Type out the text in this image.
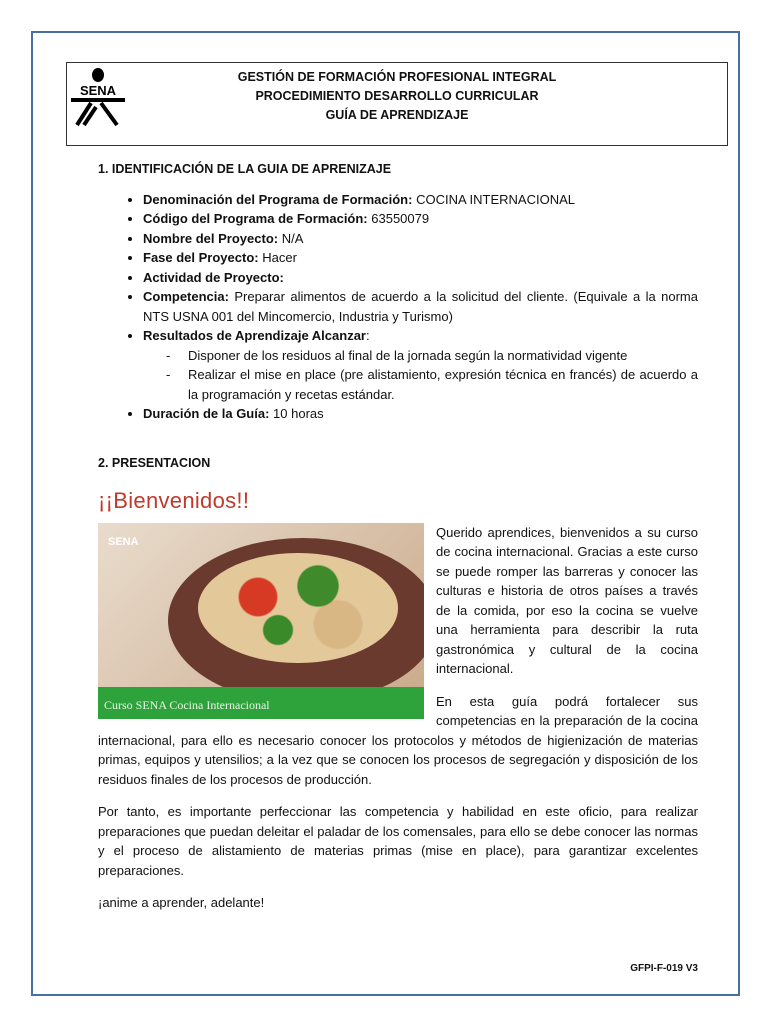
SENA
GESTIÓN DE FORMACIÓN PROFESIONAL INTEGRAL
PROCEDIMIENTO DESARROLLO CURRICULAR
GUÍA DE APRENDIZAJE
1. IDENTIFICACIÓN DE LA GUIA DE APRENIZAJE
• Denominación del Programa de Formación: COCINA INTERNACIONAL
• Código del Programa de Formación: 63550079
• Nombre del Proyecto: N/A
• Fase del Proyecto: Hacer
• Actividad de Proyecto:
• Competencia: Preparar alimentos de acuerdo a la solicitud del cliente. (Equivale a la norma NTS USNA 001 del Mincomercio, Industria y Turismo)
• Resultados de Aprendizaje Alcanzar:
- Disponer de los residuos al final de la jornada según la normatividad vigente
- Realizar el mise en place (pre alistamiento, expresión técnica en francés) de acuerdo a la programación y recetas estándar.
• Duración de la Guía: 10 horas
2. PRESENTACION
¡¡Bienvenidos!!
SENA
Curso SENA Cocina Internacional

Querido aprendices, bienvenidos a su curso de cocina internacional. Gracias a este curso se puede romper las barreras y conocer las culturas e historia de otros países a través de la comida, por eso la cocina se vuelve una herramienta para describir la ruta gastronómica y cultural de la cocina internacional.

En esta guía podrá fortalecer sus competencias en la preparación de la cocina internacional, para ello es necesario conocer los protocolos y métodos de higienización de materias primas, equipos y utensilios; a la vez que se conocen los procesos de segregación y disposición de los residuos finales de los procesos de producción.

Por tanto, es importante perfeccionar las competencia y habilidad en este oficio, para realizar preparaciones que puedan deleitar el paladar de los comensales, para ello se debe conocer las normas y el proceso de alistamiento de materias primas (mise en place), para garantizar excelentes preparaciones.

¡anime a aprender, adelante!

GFPI-F-019 V3
